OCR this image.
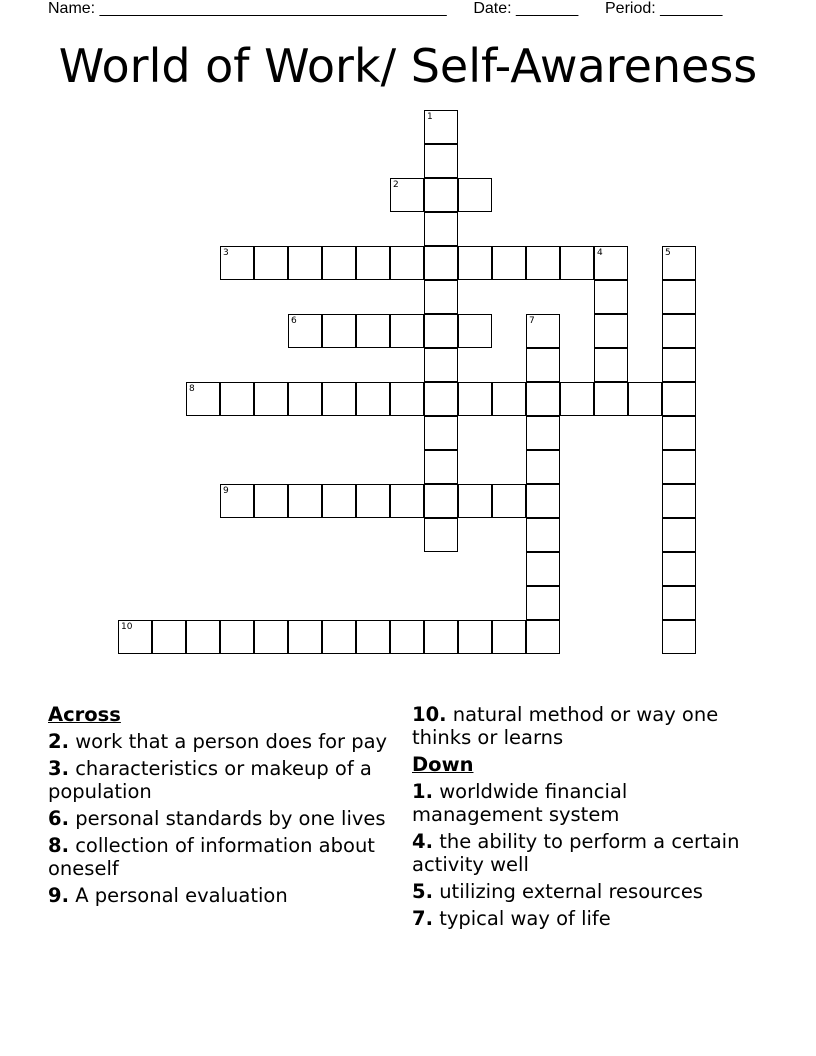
Name: _______________________________________ Date: _______ Period: _______
World of Work/ Self-Awareness
1
2
3	4	5
6	7
8
9
10
Across
2. work that a person does for pay
3. characteristics or makeup of a population
6. personal standards by one lives
8. collection of information about oneself
9. A personal evaluation
10. natural method or way one thinks or learns
Down
1. worldwide financial management system
4. the ability to perform a certain activity well
5. utilizing external resources
7. typical way of life
